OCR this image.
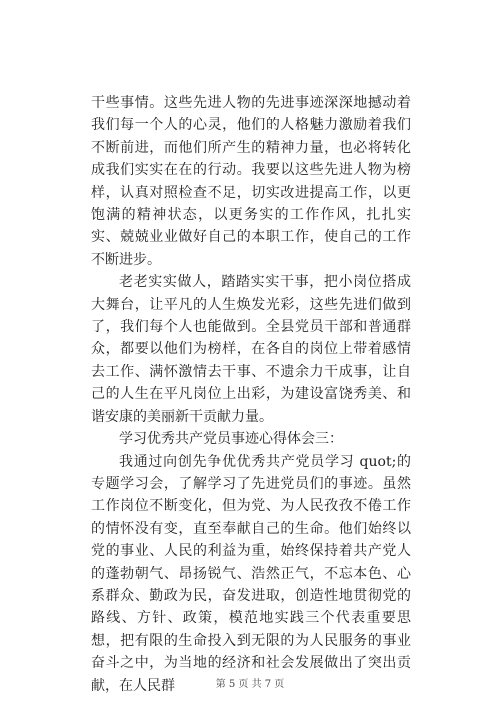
干些事情。这些先进人物的先进事迹深深地撼动着我们每一个人的心灵，他们的人格魅力激励着我们不断前进，而他们所产生的精神力量，也必将转化成我们实实在在的行动。我要以这些先进人物为榜样，认真对照检查不足，切实改进提高工作，以更饱满的精神状态，以更务实的工作作风，扎扎实实、兢兢业业做好自己的本职工作，使自己的工作不断进步。

老老实实做人，踏踏实实干事，把小岗位搭成大舞台，让平凡的人生焕发光彩，这些先进们做到了，我们每个人也能做到。全县党员干部和普通群众，都要以他们为榜样，在各自的岗位上带着感情去工作、满怀激情去干事、不遗余力干成事，让自己的人生在平凡岗位上出彩，为建设富饶秀美、和谐安康的美丽新干贡献力量。

学习优秀共产党员事迹心得体会三：

我通过向创先争优优秀共产党员学习 quot;的专题学习会，了解学习了先进党员们的事迹。虽然工作岗位不断变化，但为党、为人民孜孜不倦工作的情怀没有变，直至奉献自己的生命。他们始终以党的事业、人民的利益为重，始终保持着共产党人的蓬勃朝气、昂扬锐气、浩然正气，不忘本色、心系群众、勤政为民，奋发进取，创造性地贯彻党的路线、方针、政策，模范地实践三个代表重要思想，把有限的生命投入到无限的为人民服务的事业奋斗之中，为当地的经济和社会发展做出了突出贡献，在人民群	第 5 页 共 7 页
